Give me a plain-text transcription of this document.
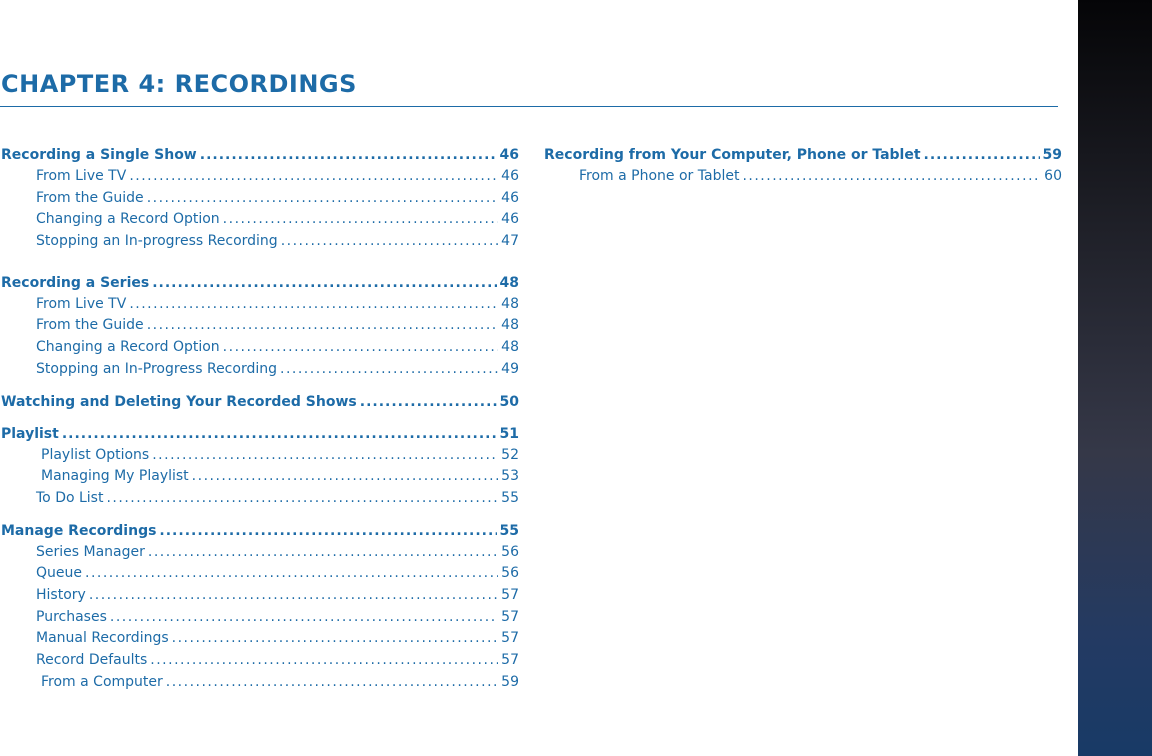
CHAPTER 4: RECORDINGS
Recording a Single Show .....	46
From Live TV .....	46
From the Guide .....	46
Changing a Record Option .....	46
Stopping an In-progress Recording .....	47
Recording a Series .....	48
From Live TV .....	48
From the Guide .....	48
Changing a Record Option .....	48
Stopping an In-Progress Recording .....	49
Watching and Deleting Your Recorded Shows .....	50
Playlist .....	51
Playlist Options .....	52
Managing My Playlist .....	53
To Do List .....	55
Manage Recordings .....	55
Series Manager .....	56
Queue .....	56
History .....	57
Purchases .....	57
Manual Recordings .....	57
Record Defaults .....	57
From a Computer .....	59
Recording from Your Computer, Phone or Tablet .....	59
From a Phone or Tablet .....	60
